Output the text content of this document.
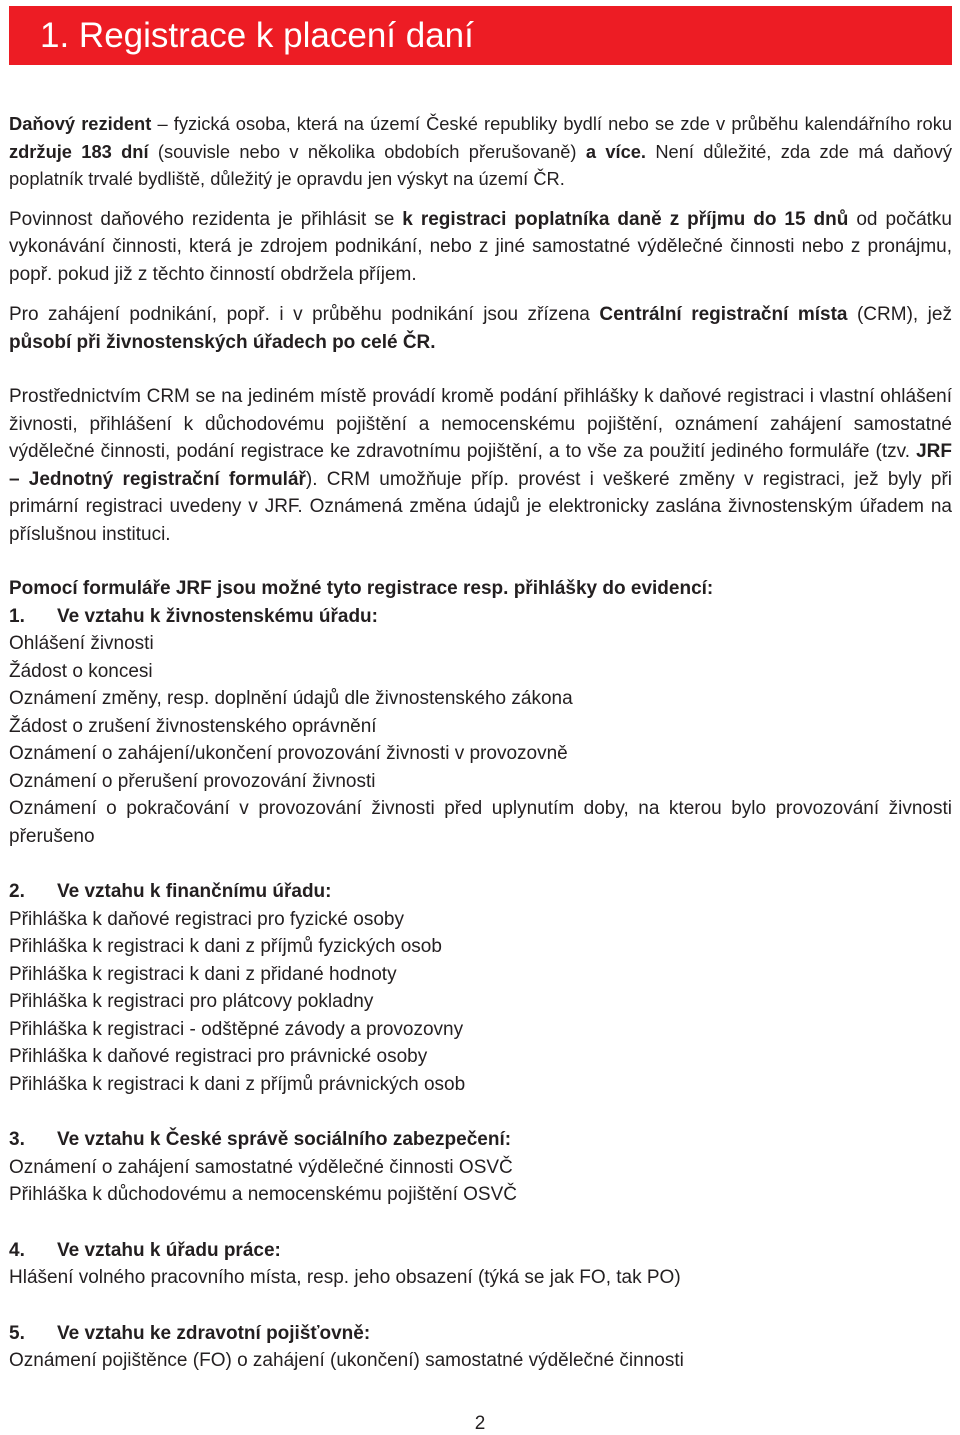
1. Registrace k placení daní

Daňový rezident – fyzická osoba, která na území České republiky bydlí nebo se zde v průběhu kalendářního roku zdržuje 183 dní (souvisle nebo v několika obdobích přerušovaně) a více. Není důležité, zda zde má daňový poplatník trvalé bydliště, důležitý je opravdu jen výskyt na území ČR.

Povinnost daňového rezidenta je přihlásit se k registraci poplatníka daně z příjmu do 15 dnů od počátku vykonávání činnosti, která je zdrojem podnikání, nebo z jiné samostatné výdělečné činnosti nebo z pronájmu, popř. pokud již z těchto činností obdržela příjem.

Pro zahájení podnikání, popř. i v průběhu podnikání jsou zřízena Centrální registrační místa (CRM), jež působí při živnostenských úřadech po celé ČR.

Prostřednictvím CRM se na jediném místě provádí kromě podání přihlášky k daňové registraci i vlastní ohlášení živnosti, přihlášení k důchodovému pojištění a nemocenskému pojištění, oznámení zahájení samostatné výdělečné činnosti, podání registrace ke zdravotnímu pojištění, a to vše za použití jediného formuláře (tzv. JRF – Jednotný registrační formulář). CRM umožňuje příp. provést i veškeré změny v registraci, jež byly při primární registraci uvedeny v JRF. Oznámená změna údajů je elektronicky zaslána živnostenským úřadem na příslušnou instituci.

Pomocí formuláře JRF jsou možné tyto registrace resp. přihlášky do evidencí:

1. Ve vztahu k živnostenskému úřadu:

Ohlášení živnosti

Žádost o koncesi

Oznámení změny, resp. doplnění údajů dle živnostenského zákona

Žádost o zrušení živnostenského oprávnění

Oznámení o zahájení/ukončení provozování živnosti v provozovně

Oznámení o přerušení provozování živnosti

Oznámení o pokračování v provozování živnosti před uplynutím doby, na kterou bylo provozování živnosti přerušeno

2. Ve vztahu k finančnímu úřadu:

Přihláška k daňové registraci pro fyzické osoby

Přihláška k registraci k dani z příjmů fyzických osob

Přihláška k registraci k dani z přidané hodnoty

Přihláška k registraci pro plátcovy pokladny

Přihláška k registraci - odštěpné závody a provozovny

Přihláška k daňové registraci pro právnické osoby

Přihláška k registraci k dani z příjmů právnických osob

3. Ve vztahu k České správě sociálního zabezpečení:

Oznámení o zahájení samostatné výdělečné činnosti OSVČ

Přihláška k důchodovému a nemocenskému pojištění OSVČ

4. Ve vztahu k úřadu práce:

Hlášení volného pracovního místa, resp. jeho obsazení (týká se jak FO, tak PO)

5. Ve vztahu ke zdravotní pojišťovně:

Oznámení pojištěnce (FO) o zahájení (ukončení) samostatné výdělečné činnosti

2
